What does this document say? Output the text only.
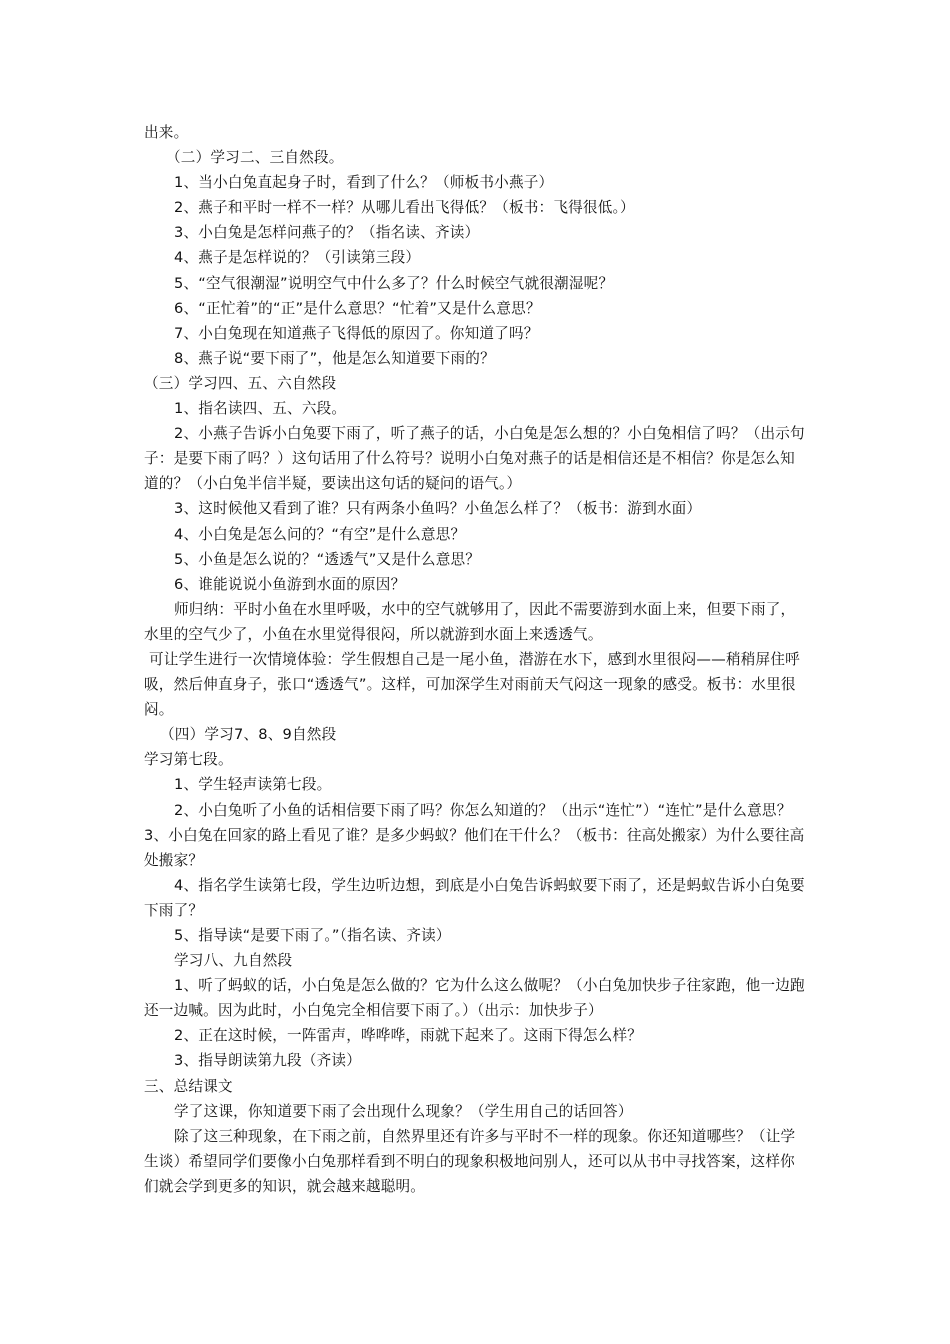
出来。

（二）学习二、三自然段。

1、当小白兔直起身子时，看到了什么？（师板书小燕子）

2、燕子和平时一样不一样？从哪儿看出飞得低？（板书：飞得很低。）

3、小白兔是怎样问燕子的？（指名读、齐读）

4、燕子是怎样说的？（引读第三段）

5、“空气很潮湿”说明空气中什么多了？什么时候空气就很潮湿呢？

6、“正忙着”的“正”是什么意思？“忙着”又是什么意思？

7、小白兔现在知道燕子飞得低的原因了。你知道了吗？

8、燕子说“要下雨了”，他是怎么知道要下雨的？

（三）学习四、五、六自然段

1、指名读四、五、六段。

2、小燕子告诉小白兔要下雨了，听了燕子的话，小白兔是怎么想的？小白兔相信了吗？（出示句子：是要下雨了吗？）这句话用了什么符号？说明小白兔对燕子的话是相信还是不相信？你是怎么知道的？（小白兔半信半疑，要读出这句话的疑问的语气。）

3、这时候他又看到了谁？只有两条小鱼吗？小鱼怎么样了？（板书：游到水面）

4、小白兔是怎么问的？“有空”是什么意思？

5、小鱼是怎么说的？“透透气”又是什么意思？

6、谁能说说小鱼游到水面的原因？

师归纳：平时小鱼在水里呼吸，水中的空气就够用了，因此不需要游到水面上来，但要下雨了，水里的空气少了，小鱼在水里觉得很闷，所以就游到水面上来透透气。

可让学生进行一次情境体验：学生假想自己是一尾小鱼，潜游在水下，感到水里很闷——稍稍屏住呼吸，然后伸直身子，张口“透透气”。这样，可加深学生对雨前天气闷这一现象的感受。板书：水里很闷。

（四）学习7、8、9自然段

学习第七段。

1、学生轻声读第七段。

2、小白兔听了小鱼的话相信要下雨了吗？你怎么知道的？（出示“连忙”）“连忙”是什么意思？

3、小白兔在回家的路上看见了谁？是多少蚂蚁？他们在干什么？（板书：往高处搬家）为什么要往高处搬家？

4、指名学生读第七段，学生边听边想，到底是小白兔告诉蚂蚁要下雨了，还是蚂蚁告诉小白兔要下雨了？

5、指导读“是要下雨了。”（指名读、齐读）

学习八、九自然段

1、听了蚂蚁的话，小白兔是怎么做的？它为什么这么做呢？（小白兔加快步子往家跑，他一边跑还一边喊。因为此时，小白兔完全相信要下雨了。）（出示：加快步子）

2、正在这时候，一阵雷声，哗哗哗，雨就下起来了。这雨下得怎么样？

3、指导朗读第九段（齐读）

三、总结课文

学了这课，你知道要下雨了会出现什么现象？（学生用自己的话回答）

除了这三种现象，在下雨之前，自然界里还有许多与平时不一样的现象。你还知道哪些？（让学生谈）希望同学们要像小白兔那样看到不明白的现象积极地问别人，还可以从书中寻找答案，这样你们就会学到更多的知识，就会越来越聪明。
